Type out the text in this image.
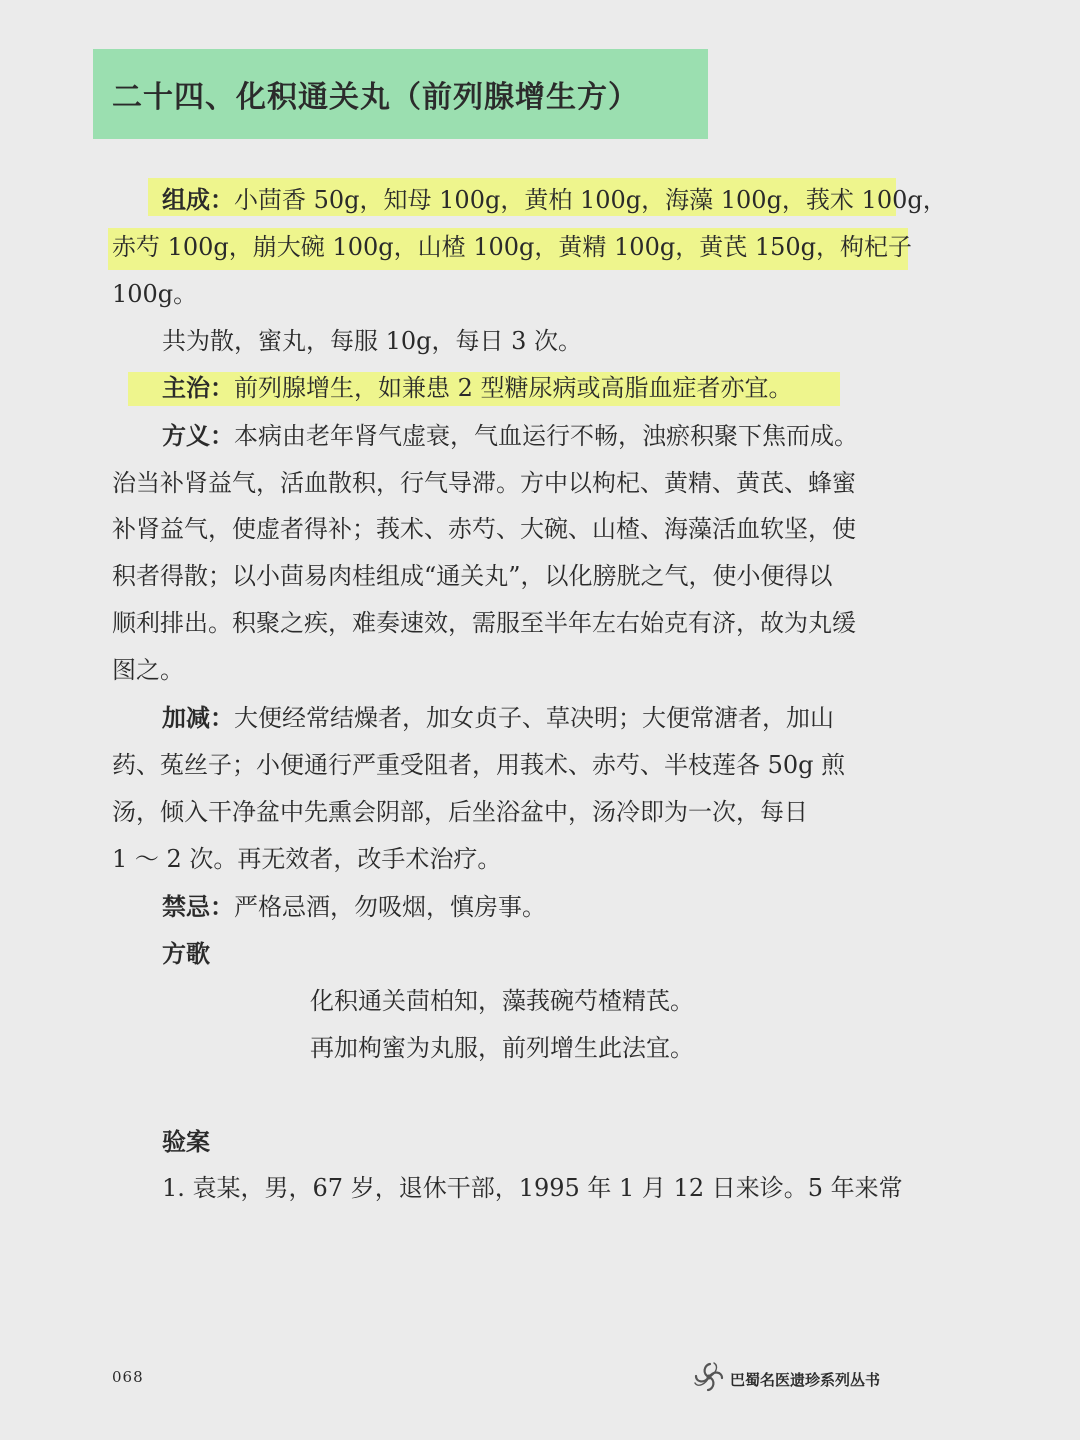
二十四、化积通关丸（前列腺增生方）
组成：小茴香 50g，知母 100g，黄柏 100g，海藻 100g，莪术 100g，
赤芍 100g，崩大碗 100g，山楂 100g，黄精 100g，黄芪 150g，枸杞子
100g。
共为散，蜜丸，每服 10g，每日 3 次。
主治：前列腺增生，如兼患 2 型糖尿病或高脂血症者亦宜。
方义：本病由老年肾气虚衰，气血运行不畅，浊瘀积聚下焦而成。
治当补肾益气，活血散积，行气导滞。方中以枸杞、黄精、黄芪、蜂蜜
补肾益气，使虚者得补；莪术、赤芍、大碗、山楂、海藻活血软坚，使
积者得散；以小茴易肉桂组成“通关丸”，以化膀胱之气，使小便得以
顺利排出。积聚之疾，难奏速效，需服至半年左右始克有济，故为丸缓
图之。
加减：大便经常结燥者，加女贞子、草决明；大便常溏者，加山
药、菟丝子；小便通行严重受阻者，用莪术、赤芍、半枝莲各 50g 煎
汤，倾入干净盆中先熏会阴部，后坐浴盆中，汤冷即为一次，每日
1 ～ 2 次。再无效者，改手术治疗。
禁忌：严格忌酒，勿吸烟，慎房事。
方歌
化积通关茴柏知，藻莪碗芍楂精芪。
再加枸蜜为丸服，前列增生此法宜。
验案
1. 袁某，男，67 岁，退休干部，1995 年 1 月 12 日来诊。5 年来常
068	巴蜀名医遗珍系列丛书
